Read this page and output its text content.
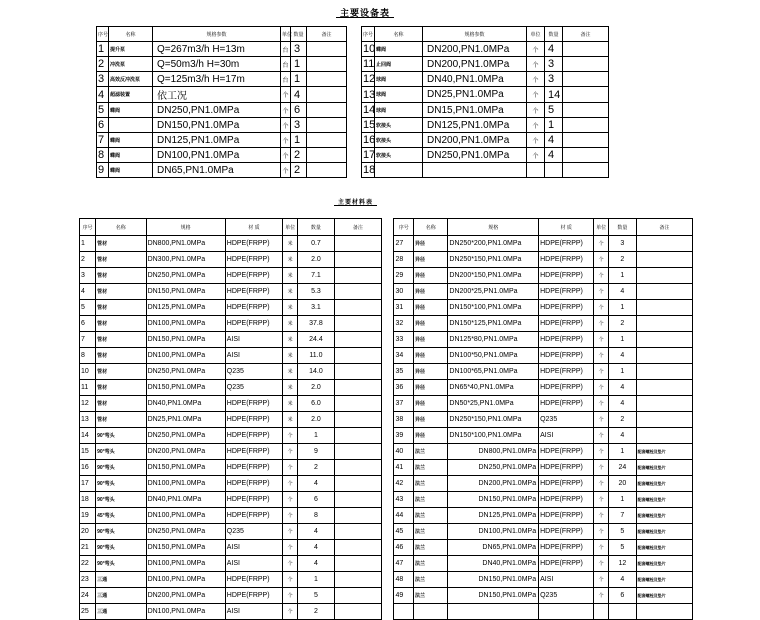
主要设备表
序号	名称	规格参数	单位	数量	备注		序号	名称	规格参数	单位	数量	备注
1	提升泵	Q=267m3/h H=13m	台	3			10	蝶阀	DN200,PN1.0MPa	个	4	
2	冲洗泵	Q=50m3/h H=30m	台	1			11	止回阀	DN200,PN1.0MPa	个	3	
3	高效反冲洗泵	Q=125m3/h H=17m	台	1			12	球阀	DN40,PN1.0MPa	个	3	
4	超滤装置	依工况	个	4			13	球阀	DN25,PN1.0MPa	个	14	
5	蝶阀	DN250,PN1.0MPa	个	6			14	球阀	DN15,PN1.0MPa	个	5	
6		DN150,PN1.0MPa	个	3			15	软接头	DN125,PN1.0MPa	个	1	
7	蝶阀	DN125,PN1.0MPa	个	1			16	软接头	DN200,PN1.0MPa	个	4	
8	蝶阀	DN100,PN1.0MPa	个	2			17	软接头	DN250,PN1.0MPa	个	4	
9	蝶阀	DN65,PN1.0MPa	个	2			18					
主要材料表
序号	名称	规格	材 质	单位	数量	备注		序号	名称	规格	材 质	单位	数量	备注
1	管材	DN800,PN1.0MPa	HDPE(FRPP)	米	0.7			27	异径	DN250*200,PN1.0MPa	HDPE(FRPP)	个	3	
2	管材	DN300,PN1.0MPa	HDPE(FRPP)	米	2.0			28	异径	DN250*150,PN1.0MPa	HDPE(FRPP)	个	2	
3	管材	DN250,PN1.0MPa	HDPE(FRPP)	米	7.1			29	异径	DN200*150,PN1.0MPa	HDPE(FRPP)	个	1	
4	管材	DN150,PN1.0MPa	HDPE(FRPP)	米	5.3			30	异径	DN200*25,PN1.0MPa	HDPE(FRPP)	个	4	
5	管材	DN125,PN1.0MPa	HDPE(FRPP)	米	3.1			31	异径	DN150*100,PN1.0MPa	HDPE(FRPP)	个	1	
6	管材	DN100,PN1.0MPa	HDPE(FRPP)	米	37.8			32	异径	DN150*125,PN1.0MPa	HDPE(FRPP)	个	2	
7	管材	DN150,PN1.0MPa	AISI	米	24.4			33	异径	DN125*80,PN1.0MPa	HDPE(FRPP)	个	1	
8	管材	DN100,PN1.0MPa	AISI	米	11.0			34	异径	DN100*50,PN1.0MPa	HDPE(FRPP)	个	4	
10	管材	DN250,PN1.0MPa	Q235	米	14.0			35	异径	DN100*65,PN1.0MPa	HDPE(FRPP)	个	1	
11	管材	DN150,PN1.0MPa	Q235	米	2.0			36	异径	DN65*40,PN1.0MPa	HDPE(FRPP)	个	4	
12	管材	DN40,PN1.0MPa	HDPE(FRPP)	米	6.0			37	异径	DN50*25,PN1.0MPa	HDPE(FRPP)	个	4	
13	管材	DN25,PN1.0MPa	HDPE(FRPP)	米	2.0			38	异径	DN250*150,PN1.0MPa	Q235	个	2	
14	90°弯头	DN250,PN1.0MPa	HDPE(FRPP)	个	1			39	异径	DN150*100,PN1.0MPa	AISI	个	4	
15	90°弯头	DN200,PN1.0MPa	HDPE(FRPP)	个	9			40	法兰	DN800,PN1.0MPa	HDPE(FRPP)	个	1	配套螺栓及垫片
16	90°弯头	DN150,PN1.0MPa	HDPE(FRPP)	个	2			41	法兰	DN250,PN1.0MPa	HDPE(FRPP)	个	24	配套螺栓及垫片
17	90°弯头	DN100,PN1.0MPa	HDPE(FRPP)	个	4			42	法兰	DN200,PN1.0MPa	HDPE(FRPP)	个	20	配套螺栓及垫片
18	90°弯头	DN40,PN1.0MPa	HDPE(FRPP)	个	6			43	法兰	DN150,PN1.0MPa	HDPE(FRPP)	个	1	配套螺栓及垫片
19	45°弯头	DN100,PN1.0MPa	HDPE(FRPP)	个	8			44	法兰	DN125,PN1.0MPa	HDPE(FRPP)	个	7	配套螺栓及垫片
20	90°弯头	DN250,PN1.0MPa	Q235	个	4			45	法兰	DN100,PN1.0MPa	HDPE(FRPP)	个	5	配套螺栓及垫片
21	90°弯头	DN150,PN1.0MPa	AISI	个	4			46	法兰	DN65,PN1.0MPa	HDPE(FRPP)	个	5	配套螺栓及垫片
22	90°弯头	DN100,PN1.0MPa	AISI	个	4			47	法兰	DN40,PN1.0MPa	HDPE(FRPP)	个	12	配套螺栓及垫片
23	三通	DN100,PN1.0MPa	HDPE(FRPP)	个	1			48	法兰	DN150,PN1.0MPa	AISI	个	4	配套螺栓及垫片
24	三通	DN200,PN1.0MPa	HDPE(FRPP)	个	5			49	法兰	DN150,PN1.0MPa	Q235	个	6	配套螺栓及垫片
25	三通	DN100,PN1.0MPa	AISI	个	2									
